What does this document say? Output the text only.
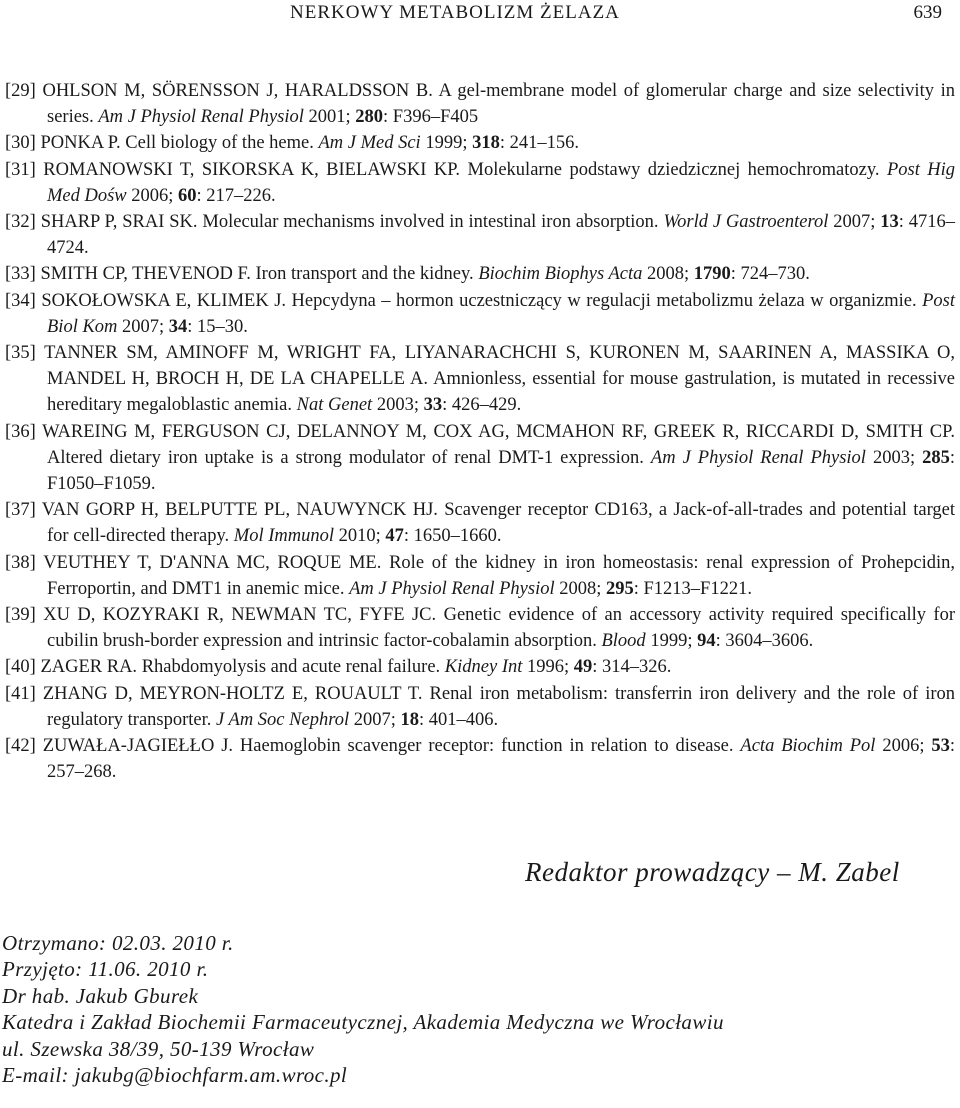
NERKOWY METABOLIZM ŻELAZA	639
[29] OHLSON M, SÖRENSSON J, HARALDSSON B. A gel-membrane model of glomerular charge and size selectivity in series. Am J Physiol Renal Physiol 2001; 280: F396–F405
[30] PONKA P. Cell biology of the heme. Am J Med Sci 1999; 318: 241–156.
[31] ROMANOWSKI T, SIKORSKA K, BIELAWSKI KP. Molekularne podstawy dziedzicznej hemochromatozy. Post Hig Med Dośw 2006; 60: 217–226.
[32] SHARP P, SRAI SK. Molecular mechanisms involved in intestinal iron absorption. World J Gastroenterol 2007; 13: 4716–4724.
[33] SMITH CP, THEVENOD F. Iron transport and the kidney. Biochim Biophys Acta 2008; 1790: 724–730.
[34] SOKOŁOWSKA E, KLIMEK J. Hepcydyna – hormon uczestniczący w regulacji metabolizmu żelaza w organizmie. Post Biol Kom 2007; 34: 15–30.
[35] TANNER SM, AMINOFF M, WRIGHT FA, LIYANARACHCHI S, KURONEN M, SAARINEN A, MASSIKA O, MANDEL H, BROCH H, DE LA CHAPELLE A. Amnionless, essential for mouse gastrulation, is mutated in recessive hereditary megaloblastic anemia. Nat Genet 2003; 33: 426–429.
[36] WAREING M, FERGUSON CJ, DELANNOY M, COX AG, MCMAHON RF, GREEK R, RICCARDI D, SMITH CP. Altered dietary iron uptake is a strong modulator of renal DMT-1 expression. Am J Physiol Renal Physiol 2003; 285: F1050–F1059.
[37] VAN GORP H, BELPUTTE PL, NAUWYNCK HJ. Scavenger receptor CD163, a Jack-of-all-trades and potential target for cell-directed therapy. Mol Immunol 2010; 47: 1650–1660.
[38] VEUTHEY T, D'ANNA MC, ROQUE ME. Role of the kidney in iron homeostasis: renal expression of Prohepcidin, Ferroportin, and DMT1 in anemic mice. Am J Physiol Renal Physiol 2008; 295: F1213–F1221.
[39] XU D, KOZYRAKI R, NEWMAN TC, FYFE JC. Genetic evidence of an accessory activity required specifically for cubilin brush-border expression and intrinsic factor-cobalamin absorption. Blood 1999; 94: 3604–3606.
[40] ZAGER RA. Rhabdomyolysis and acute renal failure. Kidney Int 1996; 49: 314–326.
[41] ZHANG D, MEYRON-HOLTZ E, ROUAULT T. Renal iron metabolism: transferrin iron delivery and the role of iron regulatory transporter. J Am Soc Nephrol 2007; 18: 401–406.
[42] ZUWAŁA-JAGIEŁŁO J. Haemoglobin scavenger receptor: function in relation to disease. Acta Biochim Pol 2006; 53: 257–268.
Redaktor prowadzący – M. Zabel
Otrzymano: 02.03. 2010 r.
Przyjęto: 11.06. 2010 r.
Dr hab. Jakub Gburek
Katedra i Zakład Biochemii Farmaceutycznej, Akademia Medyczna we Wrocławiu
ul. Szewska 38/39, 50-139 Wrocław
E-mail: jakubg@biochfarm.am.wroc.pl
